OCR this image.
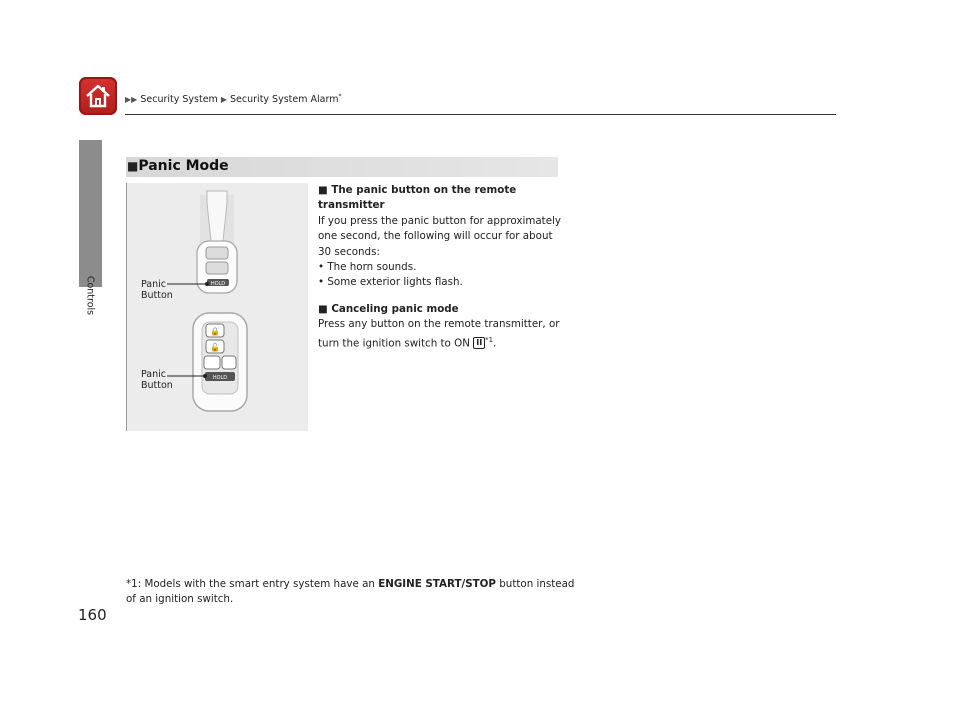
▶▶ Security System ▶ Security System Alarm*
Controls
■Panic Mode
HOLD
🔒
🔓
HOLD
Panic
Button
Panic
Button

■ The panic button on the remote transmitter

If you press the panic button for approximately one second, the following will occur for about 30 seconds:

• The horn sounds.

• Some exterior lights flash.

■ Canceling panic mode

Press any button on the remote transmitter, or turn the ignition switch to ON II $^{*1}$.

*1: Models with the smart entry system have an ENGINE START/STOP button instead of an ignition switch.
160
